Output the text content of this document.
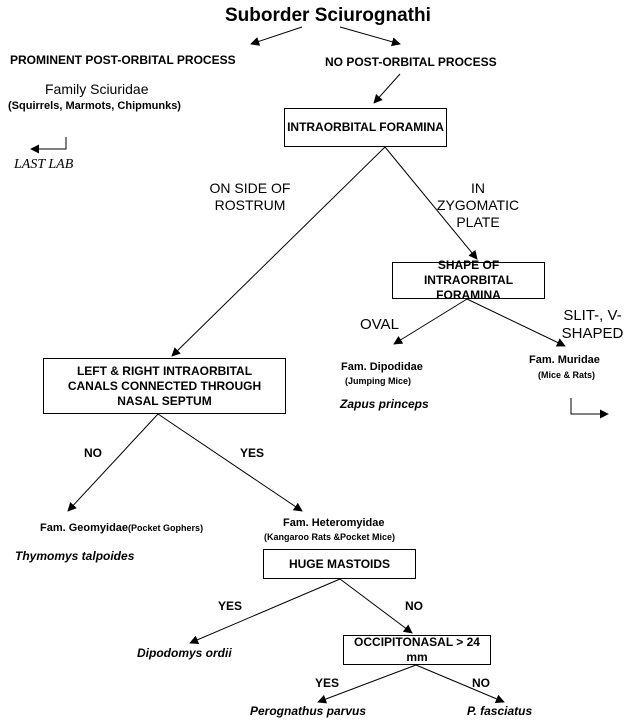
Suborder Sciurognathi
PROMINENT POST-ORBITAL PROCESS
Family Sciuridae
(Squirrels, Marmots, Chipmunks)
LAST LAB
NO POST-ORBITAL PROCESS
INTRAORBITAL FORAMINA
ON SIDE OF ROSTRUM
IN ZYGOMATIC PLATE
SHAPE OF INTRAORBITAL FORAMINA
OVAL
SLIT-, V-SHAPED
Fam. Dipodidae
(Jumping Mice)
Zapus princeps
Fam. Muridae
(Mice & Rats)
LEFT & RIGHT INTRAORBITAL CANALS CONNECTED THROUGH NASAL SEPTUM
NO	YES
Fam. Geomyidae(Pocket Gophers)
Thymomys talpoides
Fam. Heteromyidae
(Kangaroo Rats &Pocket Mice)
HUGE MASTOIDS
YES	NO
Dipodomys ordii
OCCIPITONASAL > 24 mm
YES	NO
Perognathus parvus	P. fasciatus
